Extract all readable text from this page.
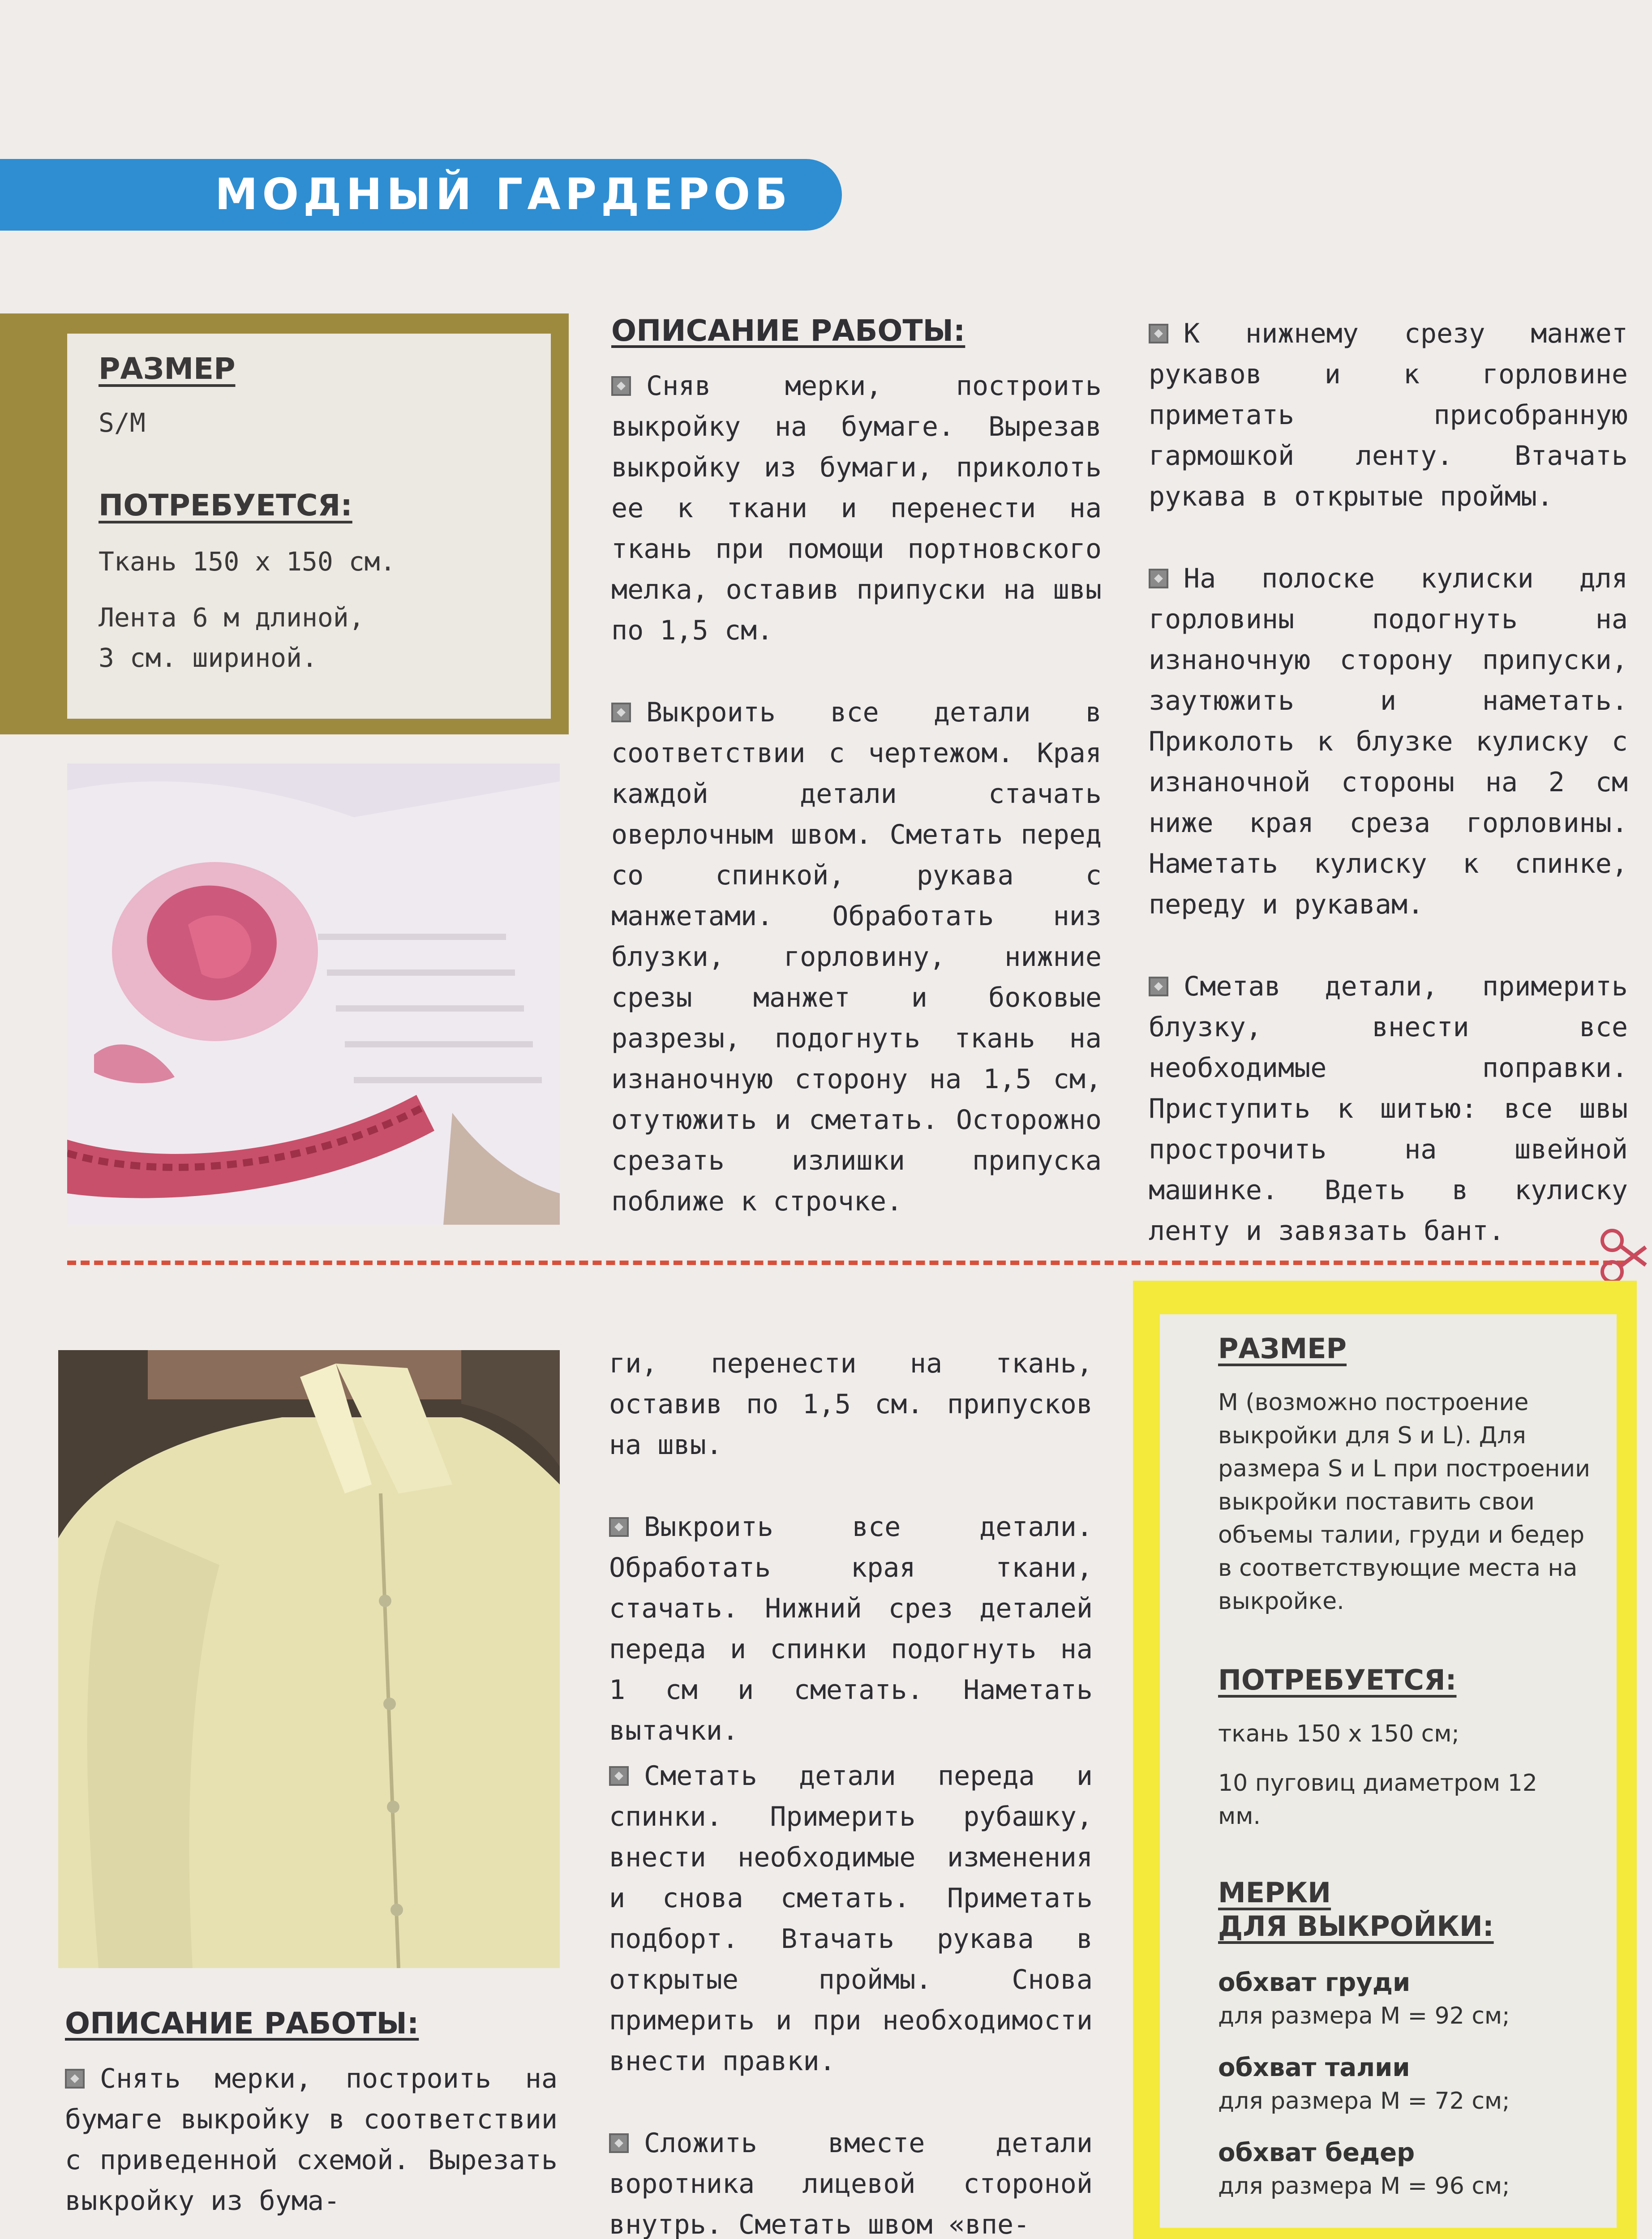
МОДНЫЙ ГАРДЕРОБ
РАЗМЕР
S/M
ПОТРЕБУЕТСЯ:
Ткань 150 х 150 см.
Лента 6 м длиной,
3 см. шириной.
ОПИСАНИЕ РАБОТЫ:

Сняв мерки, построить выкройку на бумаге. Вырезав выкройку из бумаги, приколоть ее к ткани и перенести на ткань при помощи портновского мелка, оставив припуски на швы по 1,5 см.

Выкроить все детали в соответствии с чертежом. Края каждой детали стачать оверлочным швом. Сметать перед со спинкой, рукава с манжетами. Обработать низ блузки, горловину, нижние срезы манжет и боковые разрезы, подогнуть ткань на изнаночную сторону на 1,5 см, отутюжить и сметать. Осторожно срезать излишки припуска поближе к строчке.

К нижнему срезу манжет рукавов и к горловине приметать присобранную гармошкой ленту. Втачать рукава в открытые проймы.

На полоске кулиски для горловины подогнуть на изнаночную сторону припуски, заутюжить и наметать. Приколоть к блузке кулиску с изнаночной стороны на 2 см ниже края среза горловины. Наметать кулиску к спинке, переду и рукавам.

Сметав детали, примерить блузку, внести все необходимые поправки. Приступить к шитью: все швы прострочить на швейной машинке. Вдеть в кулиску ленту и завязать бант.

ОПИСАНИЕ РАБОТЫ:

Снять мерки, построить на бумаге выкройку в соответствии с приведенной схемой. Вырезать выкройку из бума-

ги, перенести на ткань, оставив по 1,5 см. припусков на швы.

Выкроить все детали. Обработать края ткани, стачать. Нижний срез деталей переда и спинки подогнуть на 1 см и сметать. Наметать вытачки.

Сметать детали переда и спинки. Примерить рубашку, внести необходимые изменения и снова сметать. Приметать подборт. Втачать рукава в открытые проймы. Снова примерить и при необходимости внести правки.

Сложить вместе детали воротника лицевой стороной внутрь. Сметать швом «впе-

РАЗМЕР
М (возможно построение выкройки для S и L). Для размера S и L при построении выкройки поставить свои объемы талии, груди и бедер в соответствующие места на выкройке.
ПОТРЕБУЕТСЯ:
ткань 150 х 150 см;
10 пуговиц диаметром 12 мм.
МЕРКИ
ДЛЯ ВЫКРОЙКИ:
обхват груди
для размера М = 92 см;
обхват талии
для размера М = 72 см;
обхват бедер
для размера М = 96 см;
